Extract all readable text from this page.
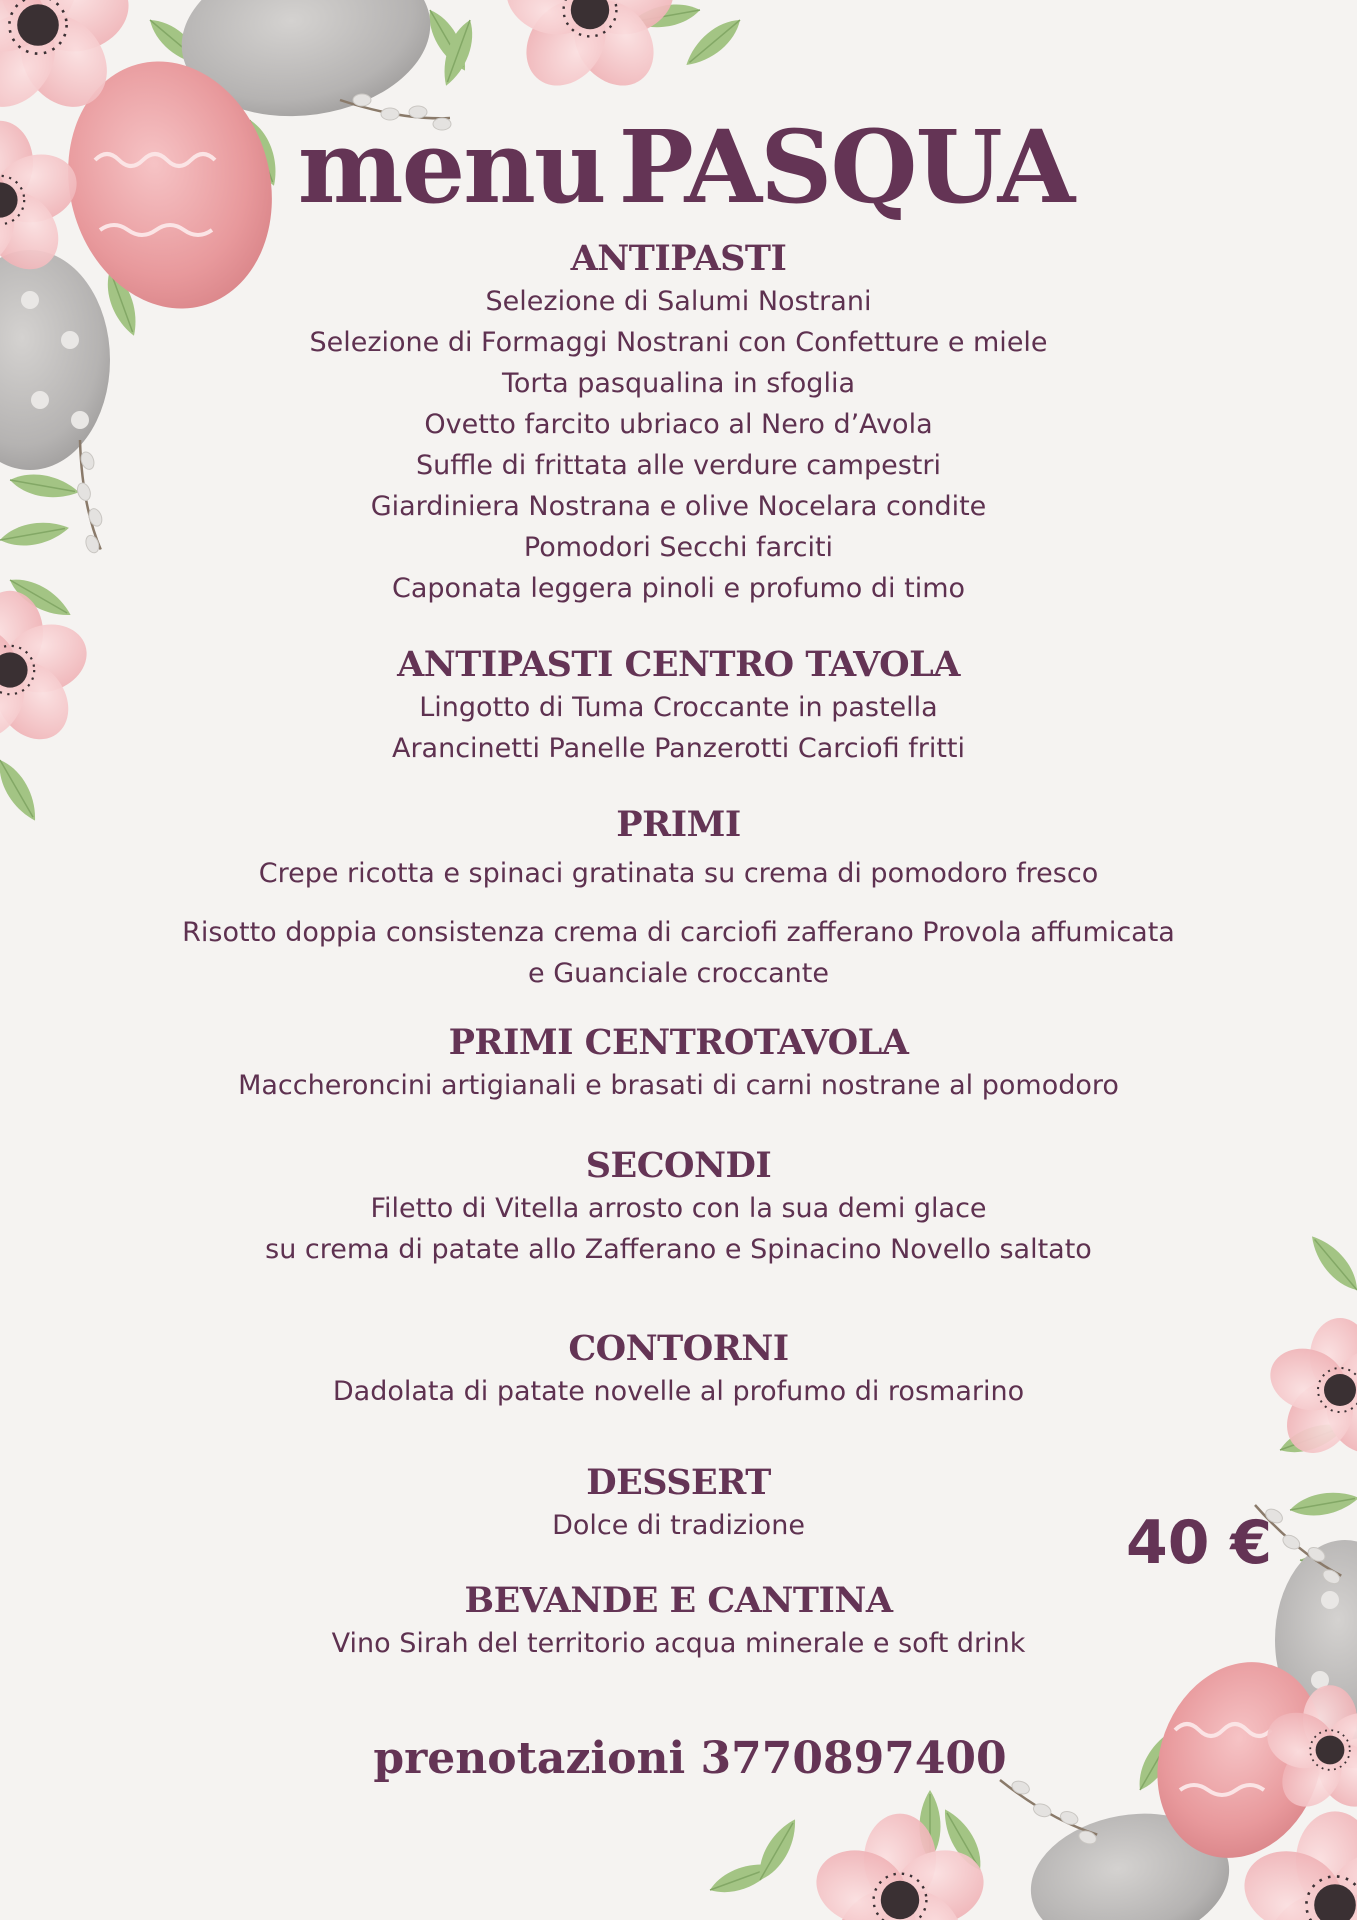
menu PASQUA
ANTIPASTI

Selezione di Salumi Nostrani

Selezione di Formaggi Nostrani con Confetture e miele

Torta pasqualina in sfoglia

Ovetto farcito ubriaco al Nero d’Avola

Suffle di frittata alle verdure campestri

Giardiniera Nostrana e olive Nocelara condite

Pomodori Secchi farciti

Caponata leggera pinoli e profumo di timo

ANTIPASTI CENTRO TAVOLA

Lingotto di Tuma Croccante in pastella

Arancinetti Panelle Panzerotti Carciofi fritti

PRIMI

Crepe ricotta e spinaci gratinata su crema di pomodoro fresco

Risotto doppia consistenza crema di carciofi zafferano Provola affumicata

e Guanciale croccante

PRIMI CENTROTAVOLA

Maccheroncini artigianali e brasati di carni nostrane al pomodoro

SECONDI

Filetto di Vitella arrosto con la sua demi glace

su crema di patate allo Zafferano e Spinacino Novello saltato

CONTORNI

Dadolata di patate novelle al profumo di rosmarino

DESSERT

Dolce di tradizione

BEVANDE E CANTINA

Vino Sirah del territorio acqua minerale e soft drink

40 €
prenotazioni 3770897400
